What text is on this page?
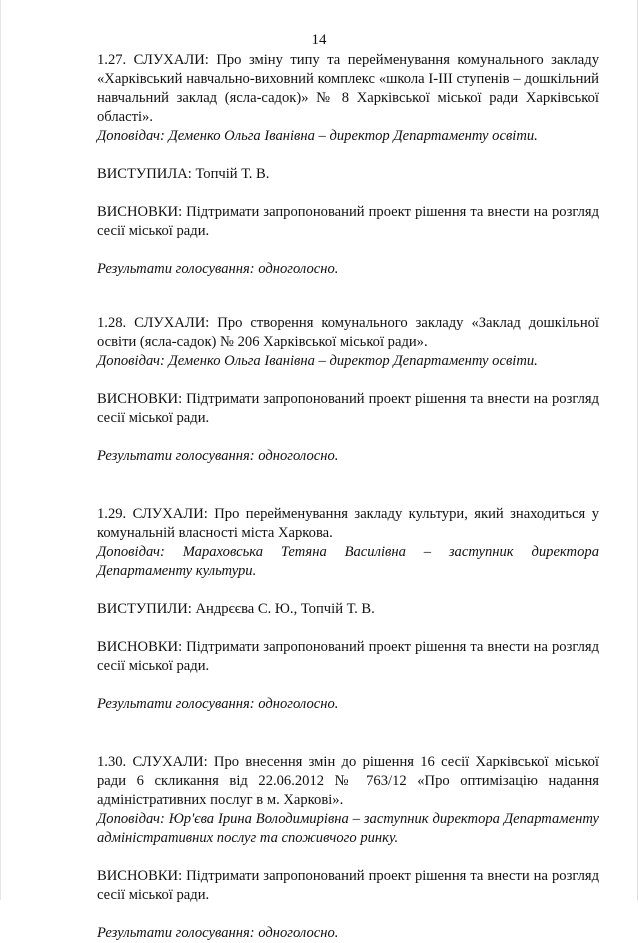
14

1.27. СЛУХАЛИ: Про зміну типу та перейменування комунального закладу «Харківський навчально-виховний комплекс «школа І-ІІІ ступенів – дошкільний навчальний заклад (ясла-садок)» № 8 Харківської міської ради Харківської області».

Доповідач: Деменко Ольга Іванівна – директор Департаменту освіти.

ВИСТУПИЛА: Топчій Т. В.

ВИСНОВКИ: Підтримати запропонований проект рішення та внести на розгляд сесії міської ради.

Результати голосування: одноголосно.

1.28. СЛУХАЛИ: Про створення комунального закладу «Заклад дошкільної освіти (ясла-садок) № 206 Харківської міської ради».

Доповідач: Деменко Ольга Іванівна – директор Департаменту освіти.

ВИСНОВКИ: Підтримати запропонований проект рішення та внести на розгляд сесії міської ради.

Результати голосування: одноголосно.

1.29. СЛУХАЛИ: Про перейменування закладу культури, який знаходиться у комунальній власності міста Харкова.

Доповідач: Мараховська Тетяна Василівна – заступник директора Департаменту культури.

ВИСТУПИЛИ: Андрєєва С. Ю., Топчій Т. В.

ВИСНОВКИ: Підтримати запропонований проект рішення та внести на розгляд сесії міської ради.

Результати голосування: одноголосно.

1.30. СЛУХАЛИ: Про внесення змін до рішення 16 сесії Харківської міської ради 6 скликання від 22.06.2012 № 763/12 «Про оптимізацію надання адміністративних послуг в м. Харкові».

Доповідач: Юр'єва Ірина Володимирівна – заступник директора Департаменту адміністративних послуг та споживчого ринку.

ВИСНОВКИ: Підтримати запропонований проект рішення та внести на розгляд сесії міської ради.

Результати голосування: одноголосно.
